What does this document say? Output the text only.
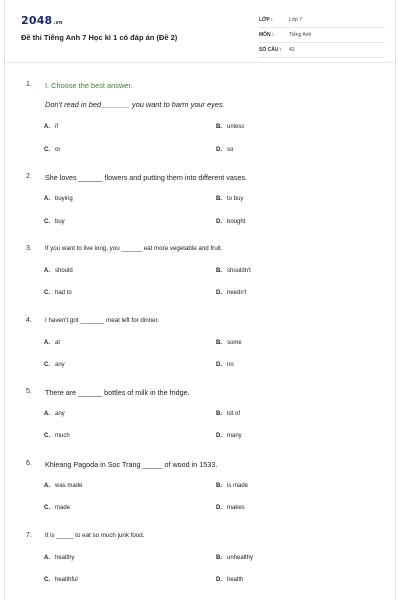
2048.vn
Đề thi Tiếng Anh 7 Học kì 1 có đáp án (Đề 2)
LỚP :	Lớp 7
MÔN :	Tiếng Anh
SỐ CÂU : 42
1. I. Choose the best answer.
Don't read in bed_______ you want to harm your eyes.
A. if	B. unless
C. or	D. so
2. She loves ______ flowers and putting them into different vases.
A. buying	B. to buy
C. buy	D. bought
3. If you want to live long, you ______ eat more vegetable and fruit.
A. should	B. shouldn't
C. had to	D. needn't
4. I haven't got _______ meat left for dinner.
A. at	B. some
C. any	D. no
5. There are ______ bottles of milk in the fridge.
A. any	B. lot of
C. much	D. many
6. Khleang Pagoda in Soc Trang _____ of wood in 1533.
A. was made	B. is made
C. made	D. makes
7. It is _____ to eat so much junk food.
A. healthy	B. unhealthy
C. healthful	D. health
